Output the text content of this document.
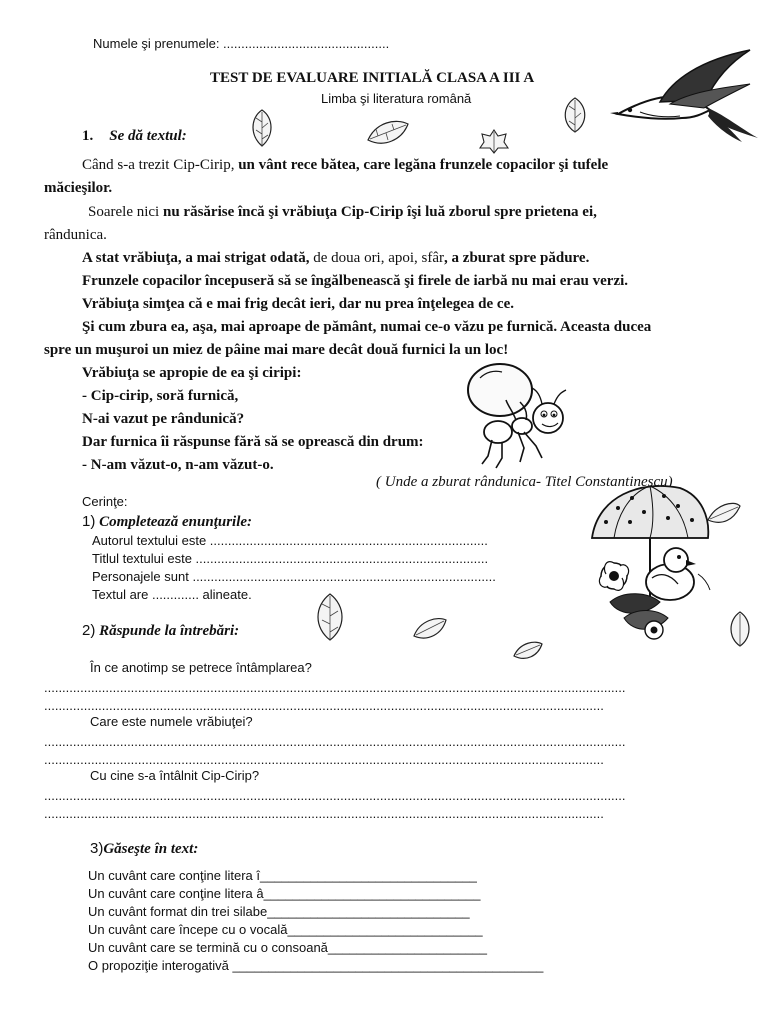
Numele şi prenumele: ..............................................
TEST DE EVALUARE INITIALĂ CLASA A III A
Limba şi literatura română
1. Se dă textul:
Când s-a trezit Cip-Cirip, un vânt rece bătea, care legăna frunzele copacilor şi tufele
măcieşilor.
Soarele nici nu răsărise încă şi vrăbiuţa Cip-Cirip îşi luă zborul spre prietena ei,
rândunica.
A stat vrăbiuţa, a mai strigat odată, de doua ori, apoi, sfâr, a zburat spre pădure.
Frunzele copacilor începuseră să se îngălbenească şi firele de iarbă nu mai erau verzi.
Vrăbiuţa simţea că e mai frig decât ieri, dar nu prea înţelegea de ce.
Şi cum zbura ea, aşa, mai aproape de pământ, numai ce-o văzu pe furnică. Aceasta ducea
spre un muşuroi un miez de pâine mai mare decât două furnici la un loc!
Vrăbiuţa se apropie de ea şi ciripi:
- Cip-cirip, soră furnică,
N-ai vazut pe rândunică?
Dar furnica îi răspunse fără să se oprească din drum:
- N-am văzut-o, n-am văzut-o.
( Unde a zburat rândunica- Titel Constantinescu)
Cerinţe:
1) Completează enunţurile:
Autorul textului este .............................................................................
Titlul textului este .................................................................................
Personajele sunt ....................................................................................
Textul are ............. alineate.
2) Răspunde la întrebări:
În ce anotimp se petrece întâmplarea?
.................................................................................................................................................................
...........................................................................................................................................................
Care este numele vrăbiuţei?
.................................................................................................................................................................
...........................................................................................................................................................
Cu cine s-a întâlnit Cip-Cirip?
.................................................................................................................................................................
...........................................................................................................................................................
3)Găseşte în text:
Un cuvânt care conţine litera î______________________________
Un cuvânt care conţine litera â______________________________
Un cuvânt format din trei silabe____________________________
Un cuvânt care începe cu o vocală___________________________
Un cuvânt care se termină cu o consoană______________________
O propoziţie interogativă ___________________________________________
